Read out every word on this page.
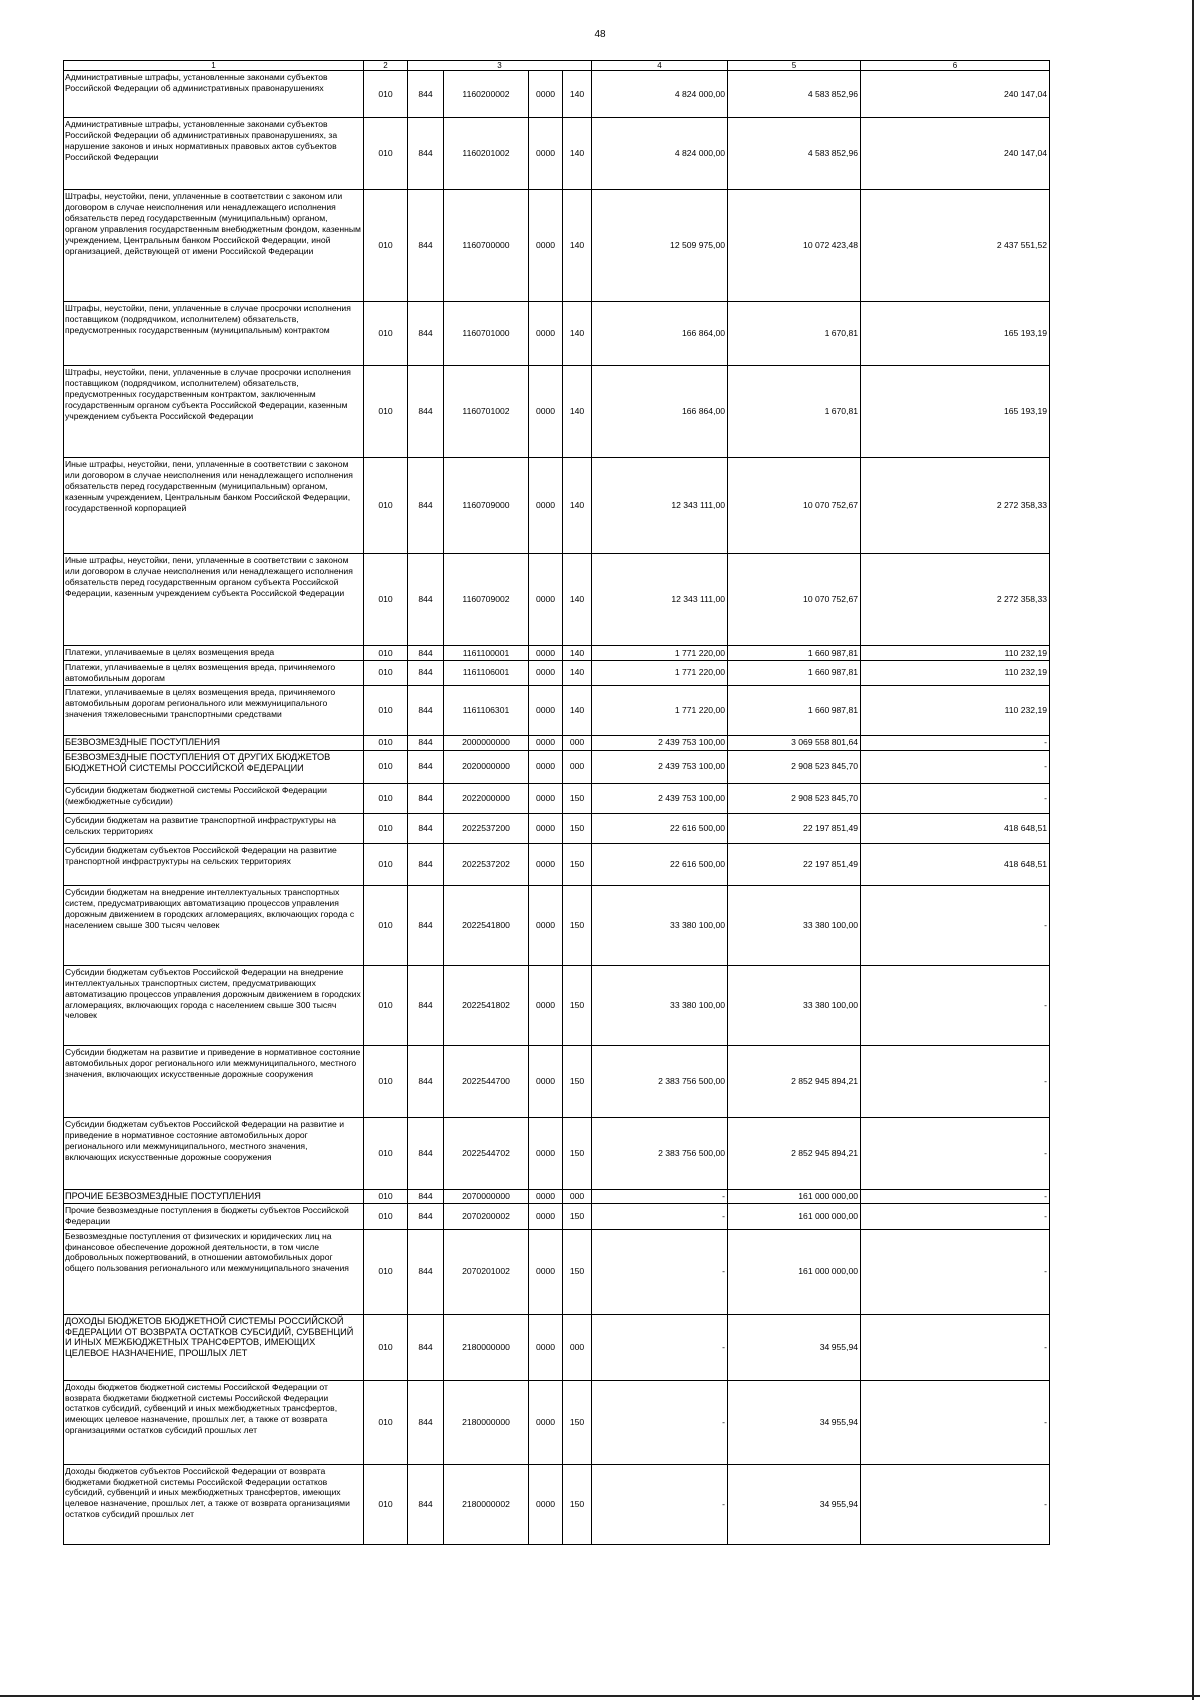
48
1	2	3				4	5	6
Административные штрафы, установленные законами субъектов Российской Федерации об административных правонарушениях	010	844	1160200002	0000	140	4 824 000,00	4 583 852,96	240 147,04
Административные штрафы, установленные законами субъектов Российской Федерации об административных правонарушениях, за нарушение законов и иных нормативных правовых актов субъектов Российской Федерации	010	844	1160201002	0000	140	4 824 000,00	4 583 852,96	240 147,04
Штрафы, неустойки, пени, уплаченные в соответствии с законом или договором в случае неисполнения или ненадлежащего исполнения обязательств перед государственным (муниципальным) органом, органом управления государственным внебюджетным фондом, казенным учреждением, Центральным банком Российской Федерации, иной организацией, действующей от имени Российской Федерации	010	844	1160700000	0000	140	12 509 975,00	10 072 423,48	2 437 551,52
Штрафы, неустойки, пени, уплаченные в случае просрочки исполнения поставщиком (подрядчиком, исполнителем) обязательств, предусмотренных государственным (муниципальным) контрактом	010	844	1160701000	0000	140	166 864,00	1 670,81	165 193,19
Штрафы, неустойки, пени, уплаченные в случае просрочки исполнения поставщиком (подрядчиком, исполнителем) обязательств, предусмотренных государственным контрактом, заключенным государственным органом субъекта Российской Федерации, казенным учреждением субъекта Российской Федерации	010	844	1160701002	0000	140	166 864,00	1 670,81	165 193,19
Иные штрафы, неустойки, пени, уплаченные в соответствии с законом или договором в случае неисполнения или ненадлежащего исполнения обязательств перед государственным (муниципальным) органом, казенным учреждением, Центральным банком Российской Федерации, государственной корпорацией	010	844	1160709000	0000	140	12 343 111,00	10 070 752,67	2 272 358,33
Иные штрафы, неустойки, пени, уплаченные в соответствии с законом или договором в случае неисполнения или ненадлежащего исполнения обязательств перед государственным органом субъекта Российской Федерации, казенным учреждением субъекта Российской Федерации	010	844	1160709002	0000	140	12 343 111,00	10 070 752,67	2 272 358,33
Платежи, уплачиваемые в целях возмещения вреда	010	844	1161100001	0000	140	1 771 220,00	1 660 987,81	110 232,19
Платежи, уплачиваемые в целях возмещения вреда, причиняемого автомобильным дорогам	010	844	1161106001	0000	140	1 771 220,00	1 660 987,81	110 232,19
Платежи, уплачиваемые в целях возмещения вреда, причиняемого автомобильным дорогам регионального или межмуниципального значения тяжеловесными транспортными средствами	010	844	1161106301	0000	140	1 771 220,00	1 660 987,81	110 232,19
БЕЗВОЗМЕЗДНЫЕ ПОСТУПЛЕНИЯ	010	844	2000000000	0000	000	2 439 753 100,00	3 069 558 801,64	-
БЕЗВОЗМЕЗДНЫЕ ПОСТУПЛЕНИЯ ОТ ДРУГИХ БЮДЖЕТОВ БЮДЖЕТНОЙ СИСТЕМЫ РОССИЙСКОЙ ФЕДЕРАЦИИ	010	844	2020000000	0000	000	2 439 753 100,00	2 908 523 845,70	-
Субсидии бюджетам бюджетной системы Российской Федерации (межбюджетные субсидии)	010	844	2022000000	0000	150	2 439 753 100,00	2 908 523 845,70	-
Субсидии бюджетам на развитие транспортной инфраструктуры на сельских территориях	010	844	2022537200	0000	150	22 616 500,00	22 197 851,49	418 648,51
Субсидии бюджетам субъектов Российской Федерации на развитие транспортной инфраструктуры на сельских территориях	010	844	2022537202	0000	150	22 616 500,00	22 197 851,49	418 648,51
Субсидии бюджетам на внедрение интеллектуальных транспортных систем, предусматривающих автоматизацию процессов управления дорожным движением в городских агломерациях, включающих города с населением свыше 300 тысяч человек	010	844	2022541800	0000	150	33 380 100,00	33 380 100,00	-
Субсидии бюджетам субъектов Российской Федерации на внедрение интеллектуальных транспортных систем, предусматривающих автоматизацию процессов управления дорожным движением в городских агломерациях, включающих города с населением свыше 300 тысяч человек	010	844	2022541802	0000	150	33 380 100,00	33 380 100,00	-
Субсидии бюджетам на развитие и приведение в нормативное состояние автомобильных дорог регионального или межмуниципального, местного значения, включающих искусственные дорожные сооружения	010	844	2022544700	0000	150	2 383 756 500,00	2 852 945 894,21	-
Субсидии бюджетам субъектов Российской Федерации на развитие и приведение в нормативное состояние автомобильных дорог регионального или межмуниципального, местного значения, включающих искусственные дорожные сооружения	010	844	2022544702	0000	150	2 383 756 500,00	2 852 945 894,21	-
ПРОЧИЕ БЕЗВОЗМЕЗДНЫЕ ПОСТУПЛЕНИЯ	010	844	2070000000	0000	000	-	161 000 000,00	-
Прочие безвозмездные поступления в бюджеты субъектов Российской Федерации	010	844	2070200002	0000	150	-	161 000 000,00	-
Безвозмездные поступления от физических и юридических лиц на финансовое обеспечение дорожной деятельности, в том числе добровольных пожертвований, в отношении автомобильных дорог общего пользования регионального или межмуниципального значения	010	844	2070201002	0000	150	-	161 000 000,00	-
ДОХОДЫ БЮДЖЕТОВ БЮДЖЕТНОЙ СИСТЕМЫ РОССИЙСКОЙ ФЕДЕРАЦИИ ОТ ВОЗВРАТА ОСТАТКОВ СУБСИДИЙ, СУБВЕНЦИЙ И ИНЫХ МЕЖБЮДЖЕТНЫХ ТРАНСФЕРТОВ, ИМЕЮЩИХ ЦЕЛЕВОЕ НАЗНАЧЕНИЕ, ПРОШЛЫХ ЛЕТ	010	844	2180000000	0000	000	-	34 955,94	-
Доходы бюджетов бюджетной системы Российской Федерации от возврата бюджетами бюджетной системы Российской Федерации остатков субсидий, субвенций и иных межбюджетных трансфертов, имеющих целевое назначение, прошлых лет, а также от возврата организациями остатков субсидий прошлых лет	010	844	2180000000	0000	150	-	34 955,94	-
Доходы бюджетов субъектов Российской Федерации от возврата бюджетами бюджетной системы Российской Федерации остатков субсидий, субвенций и иных межбюджетных трансфертов, имеющих целевое назначение, прошлых лет, а также от возврата организациями остатков субсидий прошлых лет	010	844	2180000002	0000	150	-	34 955,94	-
